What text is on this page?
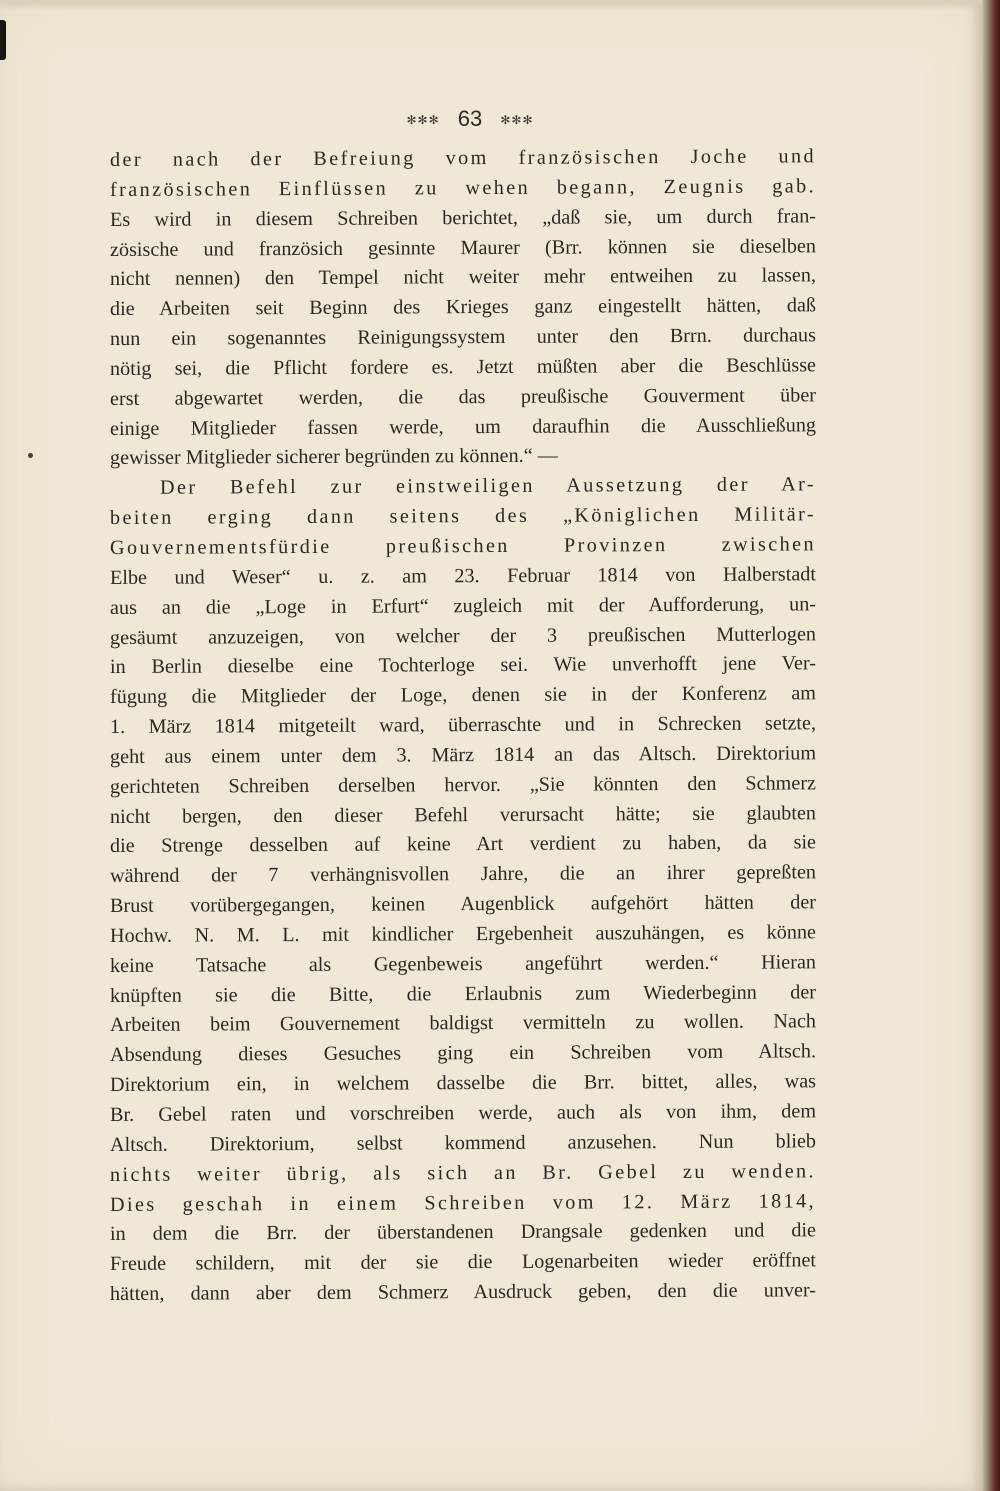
✻✻✻ 63 ✻✻✻
der nach der Befreiung vom französischen Joche und
französischen Einflüssen zu wehen begann, Zeugnis gab.
Es wird in diesem Schreiben berichtet, „daß sie, um durch fran-
zösische und französich gesinnte Maurer (Brr. können sie dieselben
nicht nennen) den Tempel nicht weiter mehr entweihen zu lassen,
die Arbeiten seit Beginn des Krieges ganz eingestellt hätten, daß
nun ein sogenanntes Reinigungssystem unter den Brrn. durchaus
nötig sei, die Pflicht fordere es. Jetzt müßten aber die Beschlüsse
erst abgewartet werden, die das preußische Gouverment über
einige Mitglieder fassen werde, um daraufhin die Ausschließung
gewisser Mitglieder sicherer begründen zu können.“ —
Der Befehl zur einstweiligen Aussetzung der Ar-
beiten erging dann seitens des „Königlichen Militär-
Gouvernementsfürdie preußischen Provinzen zwischen
Elbe und Weser“ u. z. am 23. Februar 1814 von Halberstadt
aus an die „Loge in Erfurt“ zugleich mit der Aufforderung, un-
gesäumt anzuzeigen, von welcher der 3 preußischen Mutterlogen
in Berlin dieselbe eine Tochterloge sei. Wie unverhofft jene Ver-
fügung die Mitglieder der Loge, denen sie in der Konferenz am
1. März 1814 mitgeteilt ward, überraschte und in Schrecken setzte,
geht aus einem unter dem 3. März 1814 an das Altsch. Direktorium
gerichteten Schreiben derselben hervor. „Sie könnten den Schmerz
nicht bergen, den dieser Befehl verursacht hätte; sie glaubten
die Strenge desselben auf keine Art verdient zu haben, da sie
während der 7 verhängnisvollen Jahre, die an ihrer gepreßten
Brust vorübergegangen, keinen Augenblick aufgehört hätten der
Hochw. N. M. L. mit kindlicher Ergebenheit auszuhängen, es könne
keine Tatsache als Gegenbeweis angeführt werden.“ Hieran
knüpften sie die Bitte, die Erlaubnis zum Wiederbeginn der
Arbeiten beim Gouvernement baldigst vermitteln zu wollen. Nach
Absendung dieses Gesuches ging ein Schreiben vom Altsch.
Direktorium ein, in welchem dasselbe die Brr. bittet, alles, was
Br. Gebel raten und vorschreiben werde, auch als von ihm, dem
Altsch. Direktorium, selbst kommend anzusehen. Nun blieb
nichts weiter übrig, als sich an Br. Gebel zu wenden.
Dies geschah in einem Schreiben vom 12. März 1814,
in dem die Brr. der überstandenen Drangsale gedenken und die
Freude schildern, mit der sie die Logenarbeiten wieder eröffnet
hätten, dann aber dem Schmerz Ausdruck geben, den die unver-
